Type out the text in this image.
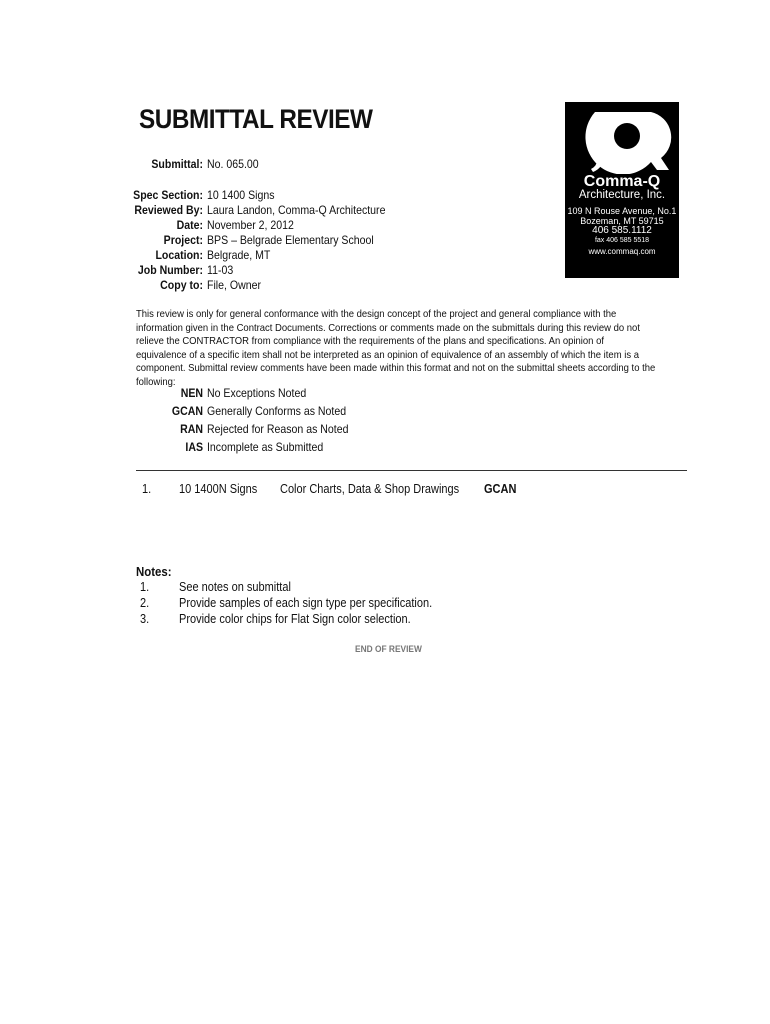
SUBMITTAL REVIEW
Submittal: No. 065.00
Spec Section: 10 1400 Signs
Reviewed By: Laura Landon, Comma-Q Architecture
Date: November 2, 2012
Project: BPS – Belgrade Elementary School
Location: Belgrade, MT
Job Number: 11-03
Copy to: File, Owner
Comma-Q
Architecture, Inc.
109 N Rouse Avenue, No.1
Bozeman, MT 59715
406 585.1112
fax 406 585 5518
www.commaq.com
This review is only for general conformance with the design concept of the project and general compliance with the information given in the Contract Documents. Corrections or comments made on the submittals during this review do not relieve the CONTRACTOR from compliance with the requirements of the plans and specifications. An opinion of equivalence of a specific item shall not be interpreted as an opinion of equivalence of an assembly of which the item is a component. Submittal review comments have been made within this format and not on the submittal sheets according to the following:
NEN No Exceptions Noted
GCAN Generally Conforms as Noted
RAN Rejected for Reason as Noted
IAS Incomplete as Submitted
1. 10 1400N Signs Color Charts, Data & Shop Drawings GCAN
Notes:
1. See notes on submittal
2. Provide samples of each sign type per specification.
3. Provide color chips for Flat Sign color selection.
END OF REVIEW
